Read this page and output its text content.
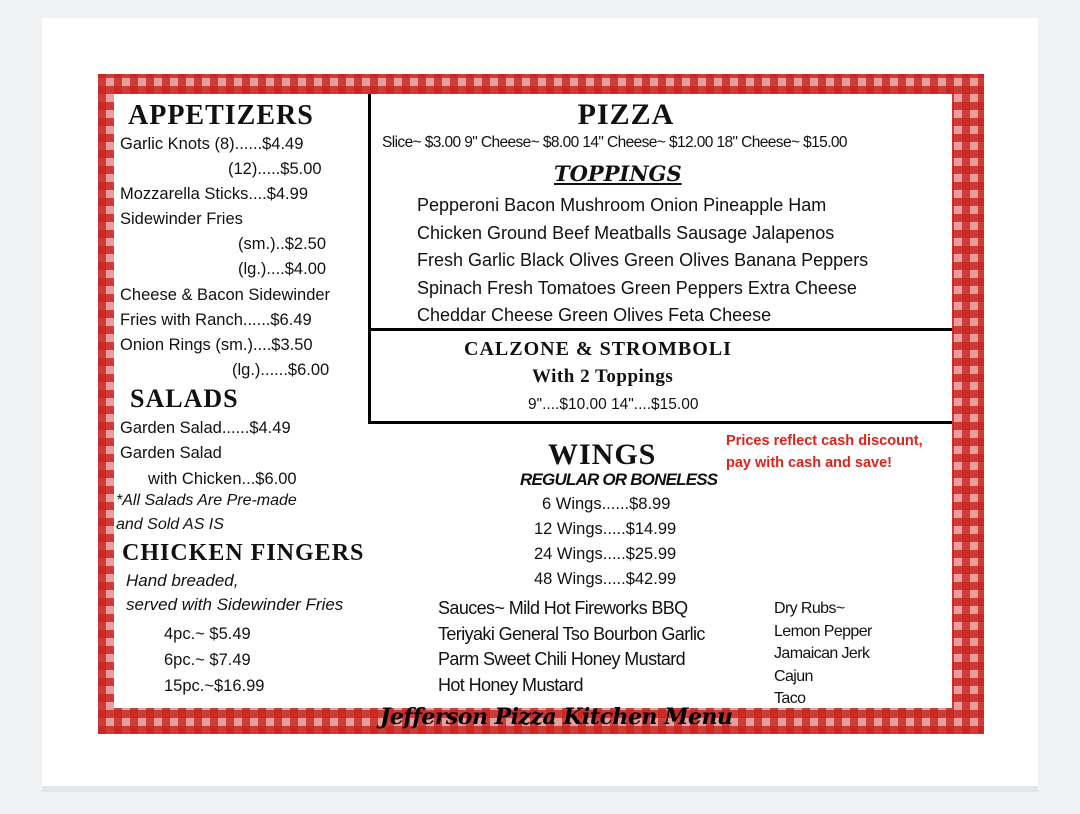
APPETIZERS
Garlic Knots (8)......$4.49
(12).....$5.00
Mozzarella Sticks....$4.99
Sidewinder Fries
(sm.)..$2.50
(lg.)....$4.00
Cheese & Bacon Sidewinder
Fries with Ranch......$6.49
Onion Rings (sm.)....$3.50
(lg.)......$6.00
SALADS
Garden Salad......$4.49
Garden Salad
with Chicken...$6.00
*All Salads Are Pre-made
and Sold AS IS
CHICKEN FINGERS
Hand breaded,
served with Sidewinder Fries
4pc.~ $5.49
6pc.~ $7.49
15pc.~$16.99
PIZZA
Slice~ $3.00 9" Cheese~ $8.00 14" Cheese~ $12.00 18" Cheese~ $15.00
TOPPINGS
Pepperoni Bacon Mushroom Onion Pineapple Ham
Chicken Ground Beef Meatballs Sausage Jalapenos
Fresh Garlic Black Olives Green Olives Banana Peppers
Spinach Fresh Tomatoes Green Peppers Extra Cheese
Cheddar Cheese Green Olives Feta Cheese
CALZONE & STROMBOLI
With 2 Toppings
9"....$10.00 14"....$15.00
Prices reflect cash discount,
pay with cash and save!
WINGS
REGULAR OR BONELESS
6 Wings......$8.99
12 Wings.....$14.99
24 Wings.....$25.99
48 Wings.....$42.99
Sauces~ Mild Hot Fireworks BBQ
Teriyaki General Tso Bourbon Garlic
Parm Sweet Chili Honey Mustard
Hot Honey Mustard
Dry Rubs~
Lemon Pepper
Jamaican Jerk
Cajun
Taco
Jefferson Pizza Kitchen Menu
